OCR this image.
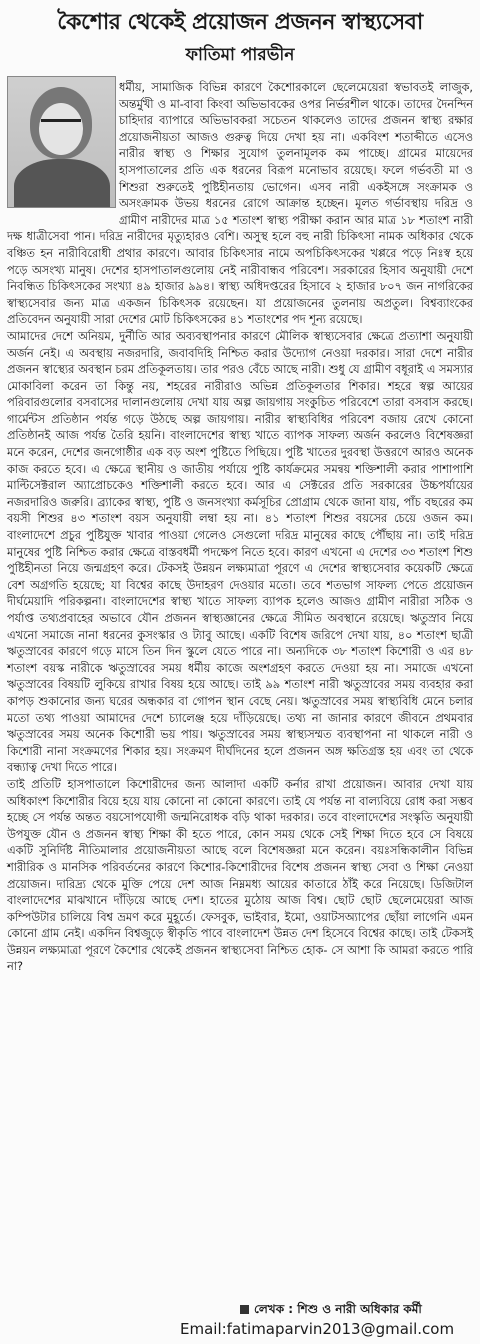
কৈশোর থেকেই প্রয়োজন প্রজনন স্বাস্থ্যসেবা
ফাতিমা পারভীন

ধর্মীয়, সামাজিক বিভিন্ন কারণে কৈশোরকালে ছেলেমেয়েরা স্বভাবতই লাজুক, অন্তর্মুখী ও মা-বাবা কিংবা অভিভাবকের ওপর নির্ভরশীল থাকে। তাদের দৈনন্দিন চাহিদার ব্যাপারে অভিভাবকরা সচেতন থাকলেও তাদের প্রজনন স্বাস্থ্য রক্ষার প্রয়োজনীয়তা আজও গুরুত্ব দিয়ে দেখা হয় না। একবিংশ শতাব্দীতে এসেও নারীর স্বাস্থ্য ও শিক্ষার সুযোগ তুলনামূলক কম পাচ্ছে। গ্রামের মায়েদের হাসপাতালের প্রতি এক ধরনের বিরূপ মনোভাব রয়েছে। ফলে গর্ভবতী মা ও শিশুরা শুরুতেই পুষ্টিহীনতায় ভোগেন। এসব নারী একইসঙ্গে সংক্রামক ও অসংক্রামক উভয় ধরনের রোগে আক্রান্ত হচ্ছেন। মূলত গর্ভাবস্থায় দরিদ্র ও গ্রামীণ নারীদের মাত্র ১৫ শতাংশ স্বাস্থ্য পরীক্ষা করান আর মাত্র ১৮ শতাংশ নারী দক্ষ ধাত্রীসেবা পান। দরিদ্র নারীদের মৃত্যুহারও বেশি। অসুস্থ হলে বহু নারী চিকিৎসা নামক অধিকার থেকে বঞ্চিত হন নারীবিরোধী প্রথার কারণে। আবার চিকিৎসার নামে অপচিকিৎসকের খপ্পরে পড়ে নিঃস্ব হয়ে পড়ে অসংখ্য মানুষ। দেশের হাসপাতালগুলোয় নেই নারীবান্ধব পরিবেশ। সরকারের হিসাব অনুযায়ী দেশে নিবন্ধিত চিকিৎসকের সংখ্যা ৪৯ হাজার ৯৯৪। স্বাস্থ্য অধিদপ্তরের হিসাবে ২ হাজার ৮০৭ জন নাগরিকের স্বাস্থ্যসেবার জন্য মাত্র একজন চিকিৎসক রয়েছেন। যা প্রয়োজনের তুলনায় অপ্রতুল। বিশ্বব্যাংকের প্রতিবেদন অনুযায়ী সারা দেশের মোট চিকিৎসকের ৪১ শতাংশের পদ শূন্য রয়েছে।

আমাদের দেশে অনিয়ম, দুর্নীতি আর অব্যবস্থাপনার কারণে মৌলিক স্বাস্থ্যসেবার ক্ষেত্রে প্রত্যাশা অনুযায়ী অর্জন নেই। এ অবস্থায় নজরদারি, জবাবদিহি নিশ্চিত করার উদ্যোগ নেওয়া দরকার। সারা দেশে নারীর প্রজনন স্বাস্থ্যের অবস্থান চরম প্রতিকূলতায়। তার পরও বেঁচে আছে নারী। শুধু যে গ্রামীণ বধূরাই এ সমস্যার মোকাবিলা করেন তা কিন্তু নয়, শহরের নারীরাও অভিন্ন প্রতিকূলতার শিকার। শহরে স্বল্প আয়ের পরিবারগুলোর বসবাসের দালানগুলোয় দেখা যায় অল্প জায়গায় সংকুচিত পরিবেশে তারা বসবাস করছে। গার্মেন্টস প্রতিষ্ঠান পর্যন্ত গড়ে উঠছে অল্প জায়গায়। নারীর স্বাস্থ্যবিধির পরিবেশ বজায় রেখে কোনো প্রতিষ্ঠানই আজ পর্যন্ত তৈরি হয়নি। বাংলাদেশের স্বাস্থ্য খাতে ব্যাপক সাফল্য অর্জন করলেও বিশেষজ্ঞরা মনে করেন, দেশের জনগোষ্ঠীর এক বড় অংশ পুষ্টিতে পিছিয়ে। পুষ্টি খাতের দুরবস্থা উত্তরণে আরও অনেক কাজ করতে হবে। এ ক্ষেত্রে স্থানীয় ও জাতীয় পর্যায়ে পুষ্টি কার্যক্রমের সমন্বয় শক্তিশালী করার পাশাপাশি মাল্টিসেক্টরাল অ্যাপ্রোচকেও শক্তিশালী করতে হবে। আর এ সেক্টরের প্রতি সরকারের উচ্চপর্যায়ের নজরদারিও জরুরি। ব্র্যাকের স্বাস্থ্য, পুষ্টি ও জনসংখ্যা কর্মসূচির প্রোগ্রাম থেকে জানা যায়, পাঁচ বছরের কম বয়সী শিশুর ৪৩ শতাংশ বয়স অনুযায়ী লম্বা হয় না। ৪১ শতাংশ শিশুর বয়সের চেয়ে ওজন কম। বাংলাদেশে প্রচুর পুষ্টিযুক্ত খাবার পাওয়া গেলেও সেগুলো দরিদ্র মানুষের কাছে পৌঁছায় না। তাই দরিদ্র মানুষের পুষ্টি নিশ্চিত করার ক্ষেত্রে বাস্তবধর্মী পদক্ষেপ নিতে হবে। কারণ এখনো এ দেশের ৩৩ শতাংশ শিশু পুষ্টিহীনতা নিয়ে জন্মগ্রহণ করে। টেকসই উন্নয়ন লক্ষ্যমাত্রা পূরণে এ দেশের স্বাস্থ্যসেবার কয়েকটি ক্ষেত্রে বেশ অগ্রগতি হয়েছে; যা বিশ্বের কাছে উদাহরণ দেওয়ার মতো। তবে শতভাগ সাফল্য পেতে প্রয়োজন দীর্ঘমেয়াদি পরিকল্পনা। বাংলাদেশের স্বাস্থ্য খাতে সাফল্য ব্যাপক হলেও আজও গ্রামীণ নারীরা সঠিক ও পর্যাপ্ত তথ্যপ্রবাহের অভাবে যৌন প্রজনন স্বাস্থ্যজ্ঞানের ক্ষেত্রে সীমিত অবস্থানে রয়েছে। ঋতুস্রাব নিয়ে এখনো সমাজে নানা ধরনের কুসংস্কার ও ট্যাবু আছে। একটি বিশেষ জরিপে দেখা যায়, ৪০ শতাংশ ছাত্রী ঋতুস্রাবের কারণে গড়ে মাসে তিন দিন স্কুলে যেতে পারে না। অন্যদিকে ৩৮ শতাংশ কিশোরী ও এর ৪৮ শতাংশ বয়স্ক নারীকে ঋতুস্রাবের সময় ধর্মীয় কাজে অংশগ্রহণ করতে দেওয়া হয় না। সমাজে এখনো ঋতুস্রাবের বিষয়টি লুকিয়ে রাখার বিষয় হয়ে আছে। তাই ৯৯ শতাংশ নারী ঋতুস্রাবের সময় ব্যবহার করা কাপড় শুকানোর জন্য ঘরের অন্ধকার বা গোপন স্থান বেছে নেয়। ঋতুস্রাবের সময় স্বাস্থ্যবিধি মেনে চলার মতো তথ্য পাওয়া আমাদের দেশে চ্যালেঞ্জ হয়ে দাঁড়িয়েছে। তথ্য না জানার কারণে জীবনে প্রথমবার ঋতুস্রাবের সময় অনেক কিশোরী ভয় পায়। ঋতুস্রাবের সময় স্বাস্থ্যসম্মত ব্যবস্থাপনা না থাকলে নারী ও কিশোরী নানা সংক্রমণের শিকার হয়। সংক্রমণ দীর্ঘদিনের হলে প্রজনন অঙ্গ ক্ষতিগ্রস্ত হয় এবং তা থেকে বন্ধ্যাত্ব দেখা দিতে পারে।

তাই প্রতিটি হাসপাতালে কিশোরীদের জন্য আলাদা একটি কর্নার রাখা প্রয়োজন। আবার দেখা যায় অধিকাংশ কিশোরীর বিয়ে হয়ে যায় কোনো না কোনো কারণে। তাই যে পর্যন্ত না বাল্যবিয়ে রোধ করা সম্ভব হচ্ছে সে পর্যন্ত অন্তত বয়সোপযোগী জন্মনিরোধক বড়ি থাকা দরকার। তবে বাংলাদেশের সংস্কৃতি অনুযায়ী উপযুক্ত যৌন ও প্রজনন স্বাস্থ্য শিক্ষা কী হতে পারে, কোন সময় থেকে সেই শিক্ষা দিতে হবে সে বিষয়ে একটি সুনির্দিষ্ট নীতিমালার প্রয়োজনীয়তা আছে বলে বিশেষজ্ঞরা মনে করেন। বয়ঃসন্ধিকালীন বিভিন্ন শারীরিক ও মানসিক পরিবর্তনের কারণে কিশোর-কিশোরীদের বিশেষ প্রজনন স্বাস্থ্য সেবা ও শিক্ষা নেওয়া প্রয়োজন। দারিদ্র্য থেকে মুক্তি পেয়ে দেশ আজ নিম্নমধ্য আয়ের কাতারে ঠাঁই করে নিয়েছে। ডিজিটাল বাংলাদেশের মাঝখানে দাঁড়িয়ে আছে দেশ। হাতের মুঠোয় আজ বিশ্ব। ছোট ছোট ছেলেমেয়েরা আজ কম্পিউটার চালিয়ে বিশ্ব ভ্রমণ করে মুহূর্তে। ফেসবুক, ভাইবার, ইমো, ওয়াটসঅ্যাপের ছোঁয়া লাগেনি এমন কোনো গ্রাম নেই। একদিন বিশ্বজুড়ে স্বীকৃতি পাবে বাংলাদেশ উন্নত দেশ হিসেবে বিশ্বের কাছে। তাই টেকসই উন্নয়ন লক্ষ্যমাত্রা পূরণে কৈশোর থেকেই প্রজনন স্বাস্থ্যসেবা নিশ্চিত হোক- সে আশা কি আমরা করতে পারি না?

লেখক : শিশু ও নারী অধিকার কর্মী
Email:fatimaparvin2013@gmail.com
